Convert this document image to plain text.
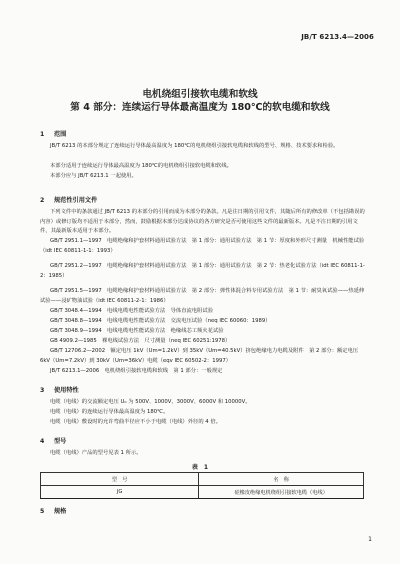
JB/T 6213.4—2006
电机绕组引接软电缆和软线
第 4 部分：连续运行导体最高温度为 180℃的软电缆和软线
1 范围
JB/T 6213 的本部分规定了连续运行导体最高温度为 180℃的电机绕组引接软电缆和软线的型号、规格、技术要求和检验。
本部分适用于连续运行导体最高温度为 180℃的电机绕组引接软电缆和软线。
本部分应与 JB/T 6213.1 一起使用。
2 规范性引用文件
下列文件中的条款通过 JB/T 6213 的本部分的引用而成为本部分的条款。凡是注日期的引用文件，其随后所有的修改单（不包括勘误的内容）或修订版均不适用于本部分，然而，鼓励根据本部分达成协议的各方研究是否可使用这些文件的最新版本。凡是不注日期的引用文件，其最新版本适用于本部分。
GB/T 2951.1—1997　电缆绝缘和护套材料通用试验方法　第 1 部分：通用试验方法　第 1 节：厚度和外形尺寸测量　机械性能试验（idt IEC 60811-1-1：1993）
GB/T 2951.2—1997　电缆绝缘和护套材料通用试验方法　第 1 部分：通用试验方法　第 2 节：热老化试验方法（idt IEC 60811-1-2：1985）
GB/T 2951.5—1997　电缆绝缘和护套材料通用试验方法　第 2 部分：弹性体混合料专用试验方法　第 1 节：耐臭氧试验——热延伸试验——浸矿物油试验（idt IEC 60811-2-1：1986）
GB/T 3048.4—1994　电线电缆电性能试验方法　导体直流电阻试验
GB/T 3048.8—1994　电线电缆电性能试验方法　交流电压试验（neq IEC 60060：1989）
GB/T 3048.9—1994　电线电缆电性能试验方法　绝缘线芯工频火花试验
GB 4909.2—1985　裸电线试验方法　尺寸测量（neq IEC 60251:1978）
GB/T 12706.2—2002　额定电压 1kV（Um=1.2kV）到 35kV（Um=40.5kV）挤包绝缘电力电缆及附件　第 2 部分：额定电压 6kV（Um=7.2kV）到 30kV（Um=36kV）电缆（eqv IEC 60502-2：1997）
JB/T 6213.1—2006　电机绕组引接软电缆和软线　第 1 部分：一般规定
3 使用特性
电缆（电线）的交流额定电压 U₀ 为 500V、1000V、3000V、6000V 和 10000V。
电缆（电线）的连续运行导体最高温度为 180℃。
电缆（电线）敷设时的允许弯曲半径应不小于电缆（电线）外径的 4 倍。
4 型号
电缆（电线）产品的型号见表 1 所示。
表　1
型　号	名　称
JG	硅橡皮绝缘电机绕组引接软电缆（电线）
5 规格
1
